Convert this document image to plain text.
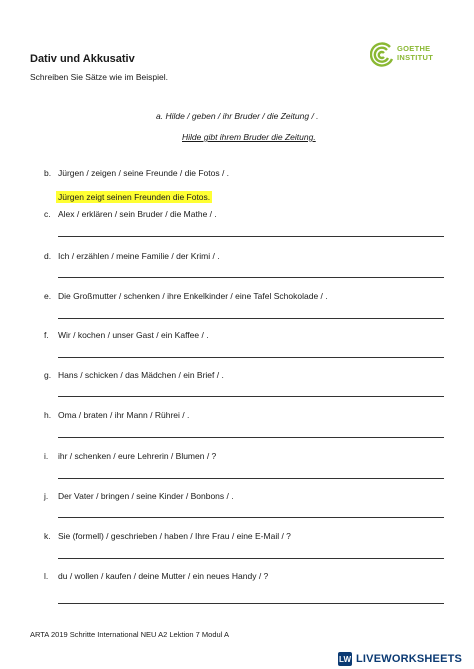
Dativ und Akkusativ
Schreiben Sie Sätze wie im Beispiel.
GOETHE
INSTITUT
a. Hilde / geben / ihr Bruder / die Zeitung / .
Hilde gibt ihrem Bruder die Zeitung.
b. Jürgen / zeigen / seine Freunde / die Fotos / .
Jürgen zeigt seinen Freunden die Fotos.
c. Alex / erklären / sein Bruder / die Mathe / .
d. Ich / erzählen / meine Familie / der Krimi / .
e. Die Großmutter / schenken / ihre Enkelkinder / eine Tafel Schokolade / .
f. Wir / kochen / unser Gast / ein Kaffee / .
g. Hans / schicken / das Mädchen / ein Brief / .
h. Oma / braten / ihr Mann / Rührei / .
i. ihr / schenken / eure Lehrerin / Blumen / ?
j. Der Vater / bringen / seine Kinder / Bonbons / .
k. Sie (formell) / geschrieben / haben / Ihre Frau / eine E-Mail / ?
l. du / wollen / kaufen / deine Mutter / ein neues Handy / ?
ARTA 2019 Schritte International NEU A2 Lektion 7 Modul A
LW LIVEWORKSHEETS
